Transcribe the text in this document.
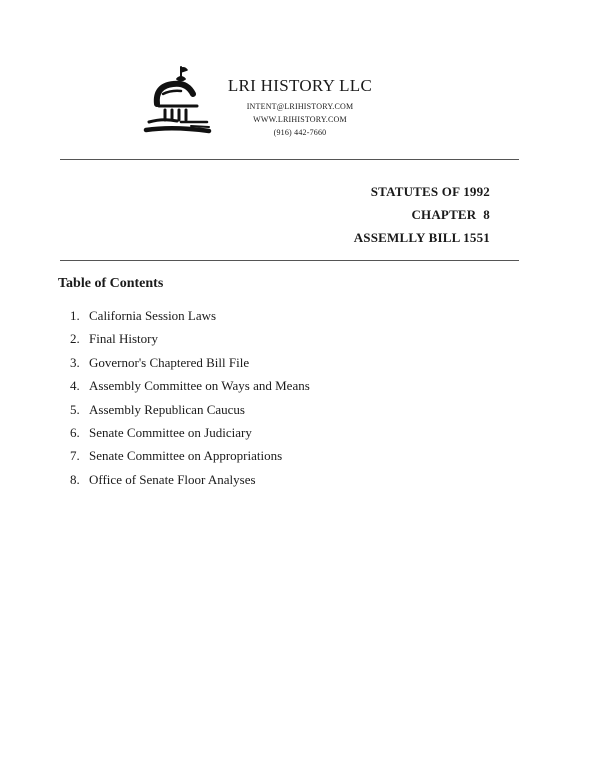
LRI HISTORY LLC
INTENT@LRIHISTORY.COM
WWW.LRIHISTORY.COM
(916) 442-7660
STATUTES OF 1992
CHAPTER  8
ASSEMLLY BILL 1551
Table of Contents
1. California Session Laws
2. Final History
3. Governor's Chaptered Bill File
4. Assembly Committee on Ways and Means
5. Assembly Republican Caucus
6. Senate Committee on Judiciary
7. Senate Committee on Appropriations
8. Office of Senate Floor Analyses
